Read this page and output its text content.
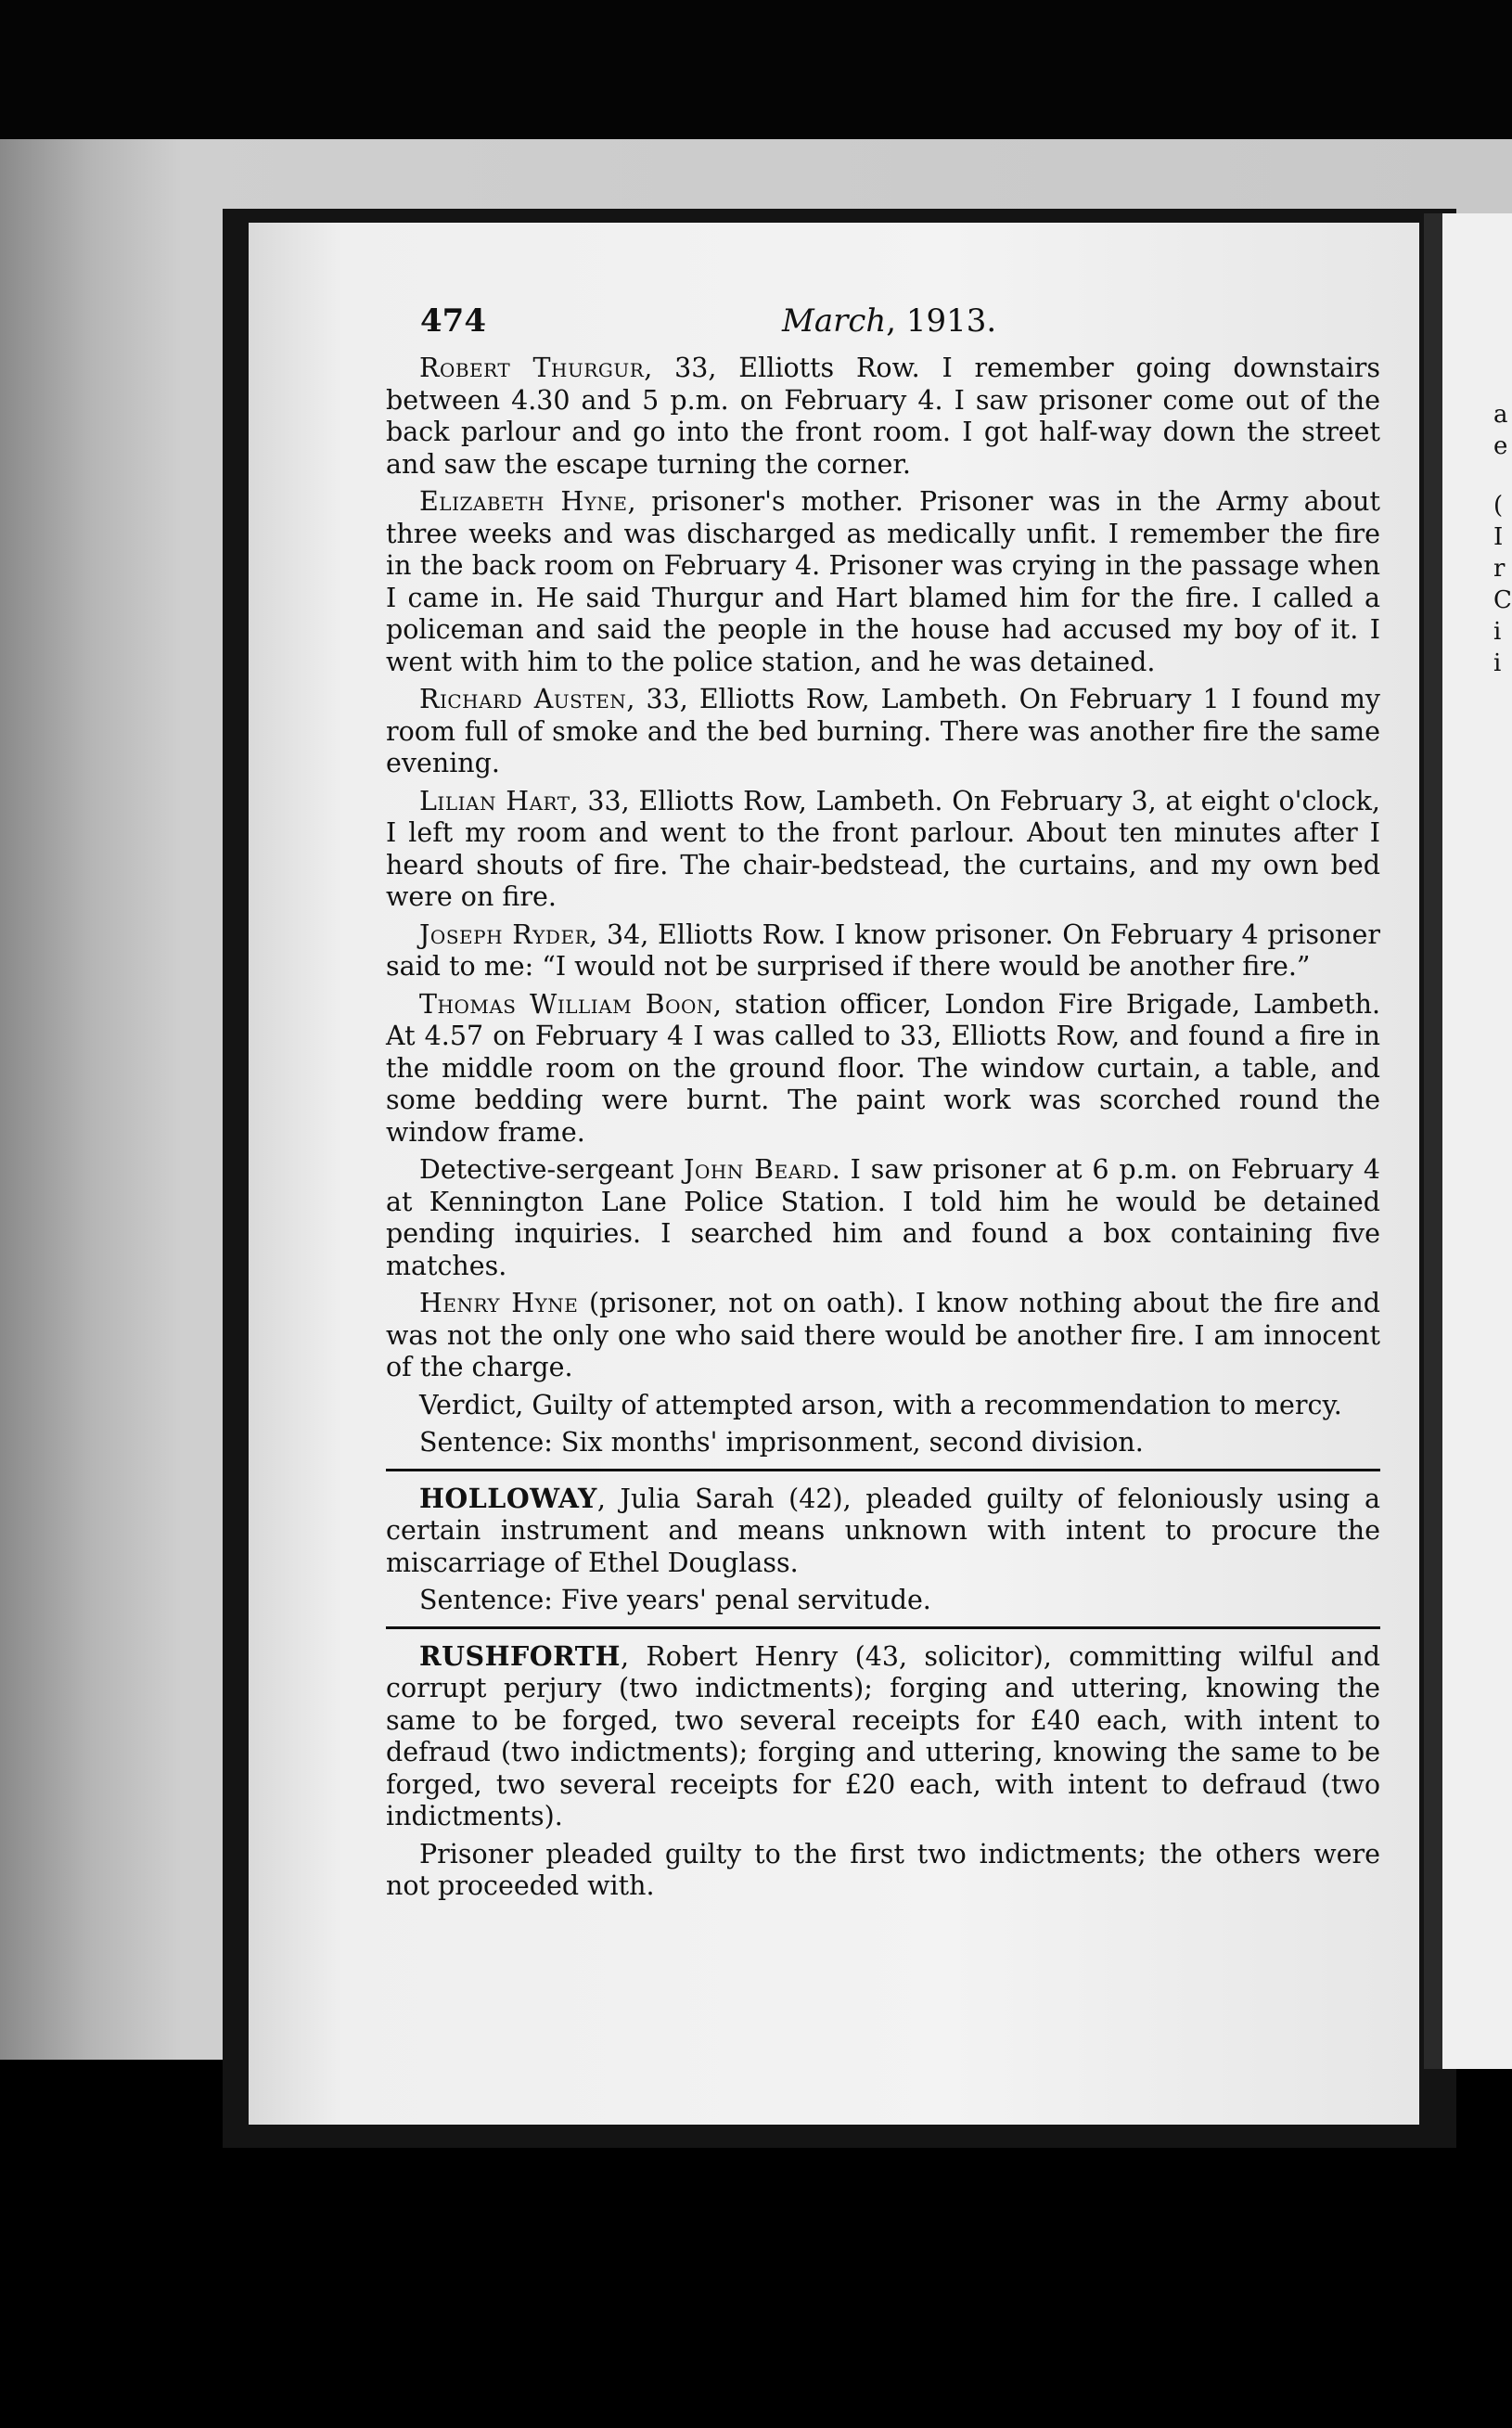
a
e
(
I
r
C
i
i
474	March, 1913.

Robert Thurgur, 33, Elliotts Row. I remember going downstairs between 4.30 and 5 p.m. on February 4. I saw prisoner come out of the back parlour and go into the front room. I got half-way down the street and saw the escape turning the corner.

Elizabeth Hyne, prisoner's mother. Prisoner was in the Army about three weeks and was discharged as medically unfit. I remember the fire in the back room on February 4. Prisoner was crying in the passage when I came in. He said Thurgur and Hart blamed him for the fire. I called a policeman and said the people in the house had accused my boy of it. I went with him to the police station, and he was detained.

Richard Austen, 33, Elliotts Row, Lambeth. On February 1 I found my room full of smoke and the bed burning. There was another fire the same evening.

Lilian Hart, 33, Elliotts Row, Lambeth. On February 3, at eight o'clock, I left my room and went to the front parlour. About ten minutes after I heard shouts of fire. The chair-bedstead, the curtains, and my own bed were on fire.

Joseph Ryder, 34, Elliotts Row. I know prisoner. On February 4 prisoner said to me: “I would not be surprised if there would be another fire.”

Thomas William Boon, station officer, London Fire Brigade, Lambeth. At 4.57 on February 4 I was called to 33, Elliotts Row, and found a fire in the middle room on the ground floor. The window curtain, a table, and some bedding were burnt. The paint work was scorched round the window frame.

Detective-sergeant John Beard. I saw prisoner at 6 p.m. on February 4 at Kennington Lane Police Station. I told him he would be detained pending inquiries. I searched him and found a box containing five matches.

Henry Hyne (prisoner, not on oath). I know nothing about the fire and was not the only one who said there would be another fire. I am innocent of the charge.

Verdict, Guilty of attempted arson, with a recommendation to mercy.

Sentence: Six months' imprisonment, second division.

HOLLOWAY, Julia Sarah (42), pleaded guilty of feloniously using a certain instrument and means unknown with intent to procure the miscarriage of Ethel Douglass.

Sentence: Five years' penal servitude.

RUSHFORTH, Robert Henry (43, solicitor), committing wilful and corrupt perjury (two indictments); forging and uttering, knowing the same to be forged, two several receipts for £40 each, with intent to defraud (two indictments); forging and uttering, knowing the same to be forged, two several receipts for £20 each, with intent to defraud (two indictments).

Prisoner pleaded guilty to the first two indictments; the others were not proceeded with.
